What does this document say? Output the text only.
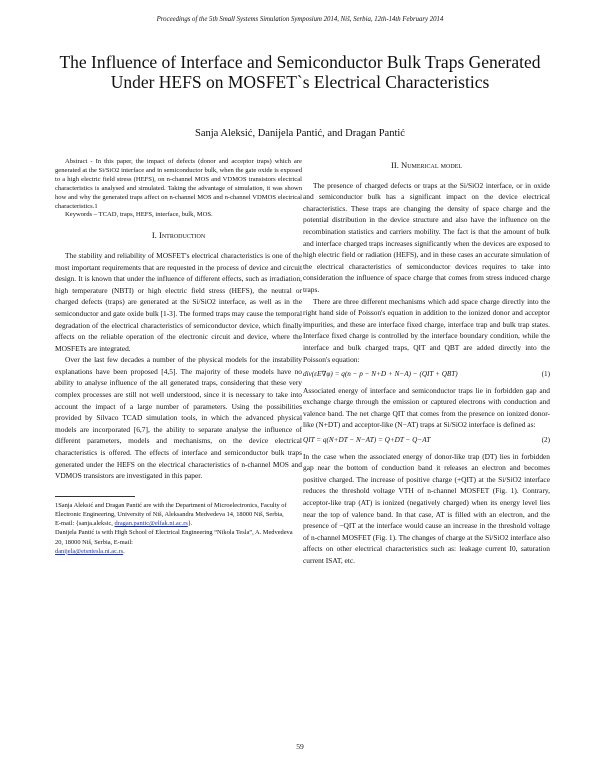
Proceedings of the 5th Small Systems Simulation Symposium 2014, Niš, Serbia, 12th-14th February 2014
The Influence of Interface and Semiconductor Bulk Traps Generated Under HEFS on MOSFET`s Electrical Characteristics
Sanja Aleksić, Danijela Pantić, and Dragan Pantić
Abstract - In this paper, the impact of defects (donor and acceptor traps) which are generated at the Si/SiO2 interface and in semiconductor bulk, when the gate oxide is exposed to a high electric field stress (HEFS), on n-channel MOS and VDMOS transistors electrical characteristics is analysed and simulated. Taking the advantage of simulation, it was shown how and why the generated traps affect on n-channel MOS and n-channel VDMOS electrical characteristics.1
Keywords – TCAD, traps, HEFS, interface, bulk, MOS.
I. Introduction
The stability and reliability of MOSFET's electrical characteristics is one of the most important requirements that are requested in the process of device and circuit design. It is known that under the influence of different effects, such as irradiation, high temperature (NBTI) or high electric field stress (HEFS), the neutral or charged defects (traps) are generated at the Si/SiO2 interface, as well as in the semiconductor and gate oxide bulk [1-3]. The formed traps may cause the temporal degradation of the electrical characteristics of semiconductor device, which finally affects on the reliable operation of the electronic circuit and device, where the MOSFETs are integrated.
Over the last few decades a number of the physical models for the instability explanations have been proposed [4,5]. The majority of these models have no ability to analyse influence of the all generated traps, considering that these very complex processes are still not well understood, since it is necessary to take into account the impact of a large number of parameters. Using the possibilities provided by Silvaco TCAD simulation tools, in which the advanced physical models are incorporated [6,7], the ability to separate analyse the influence of different parameters, models and mechanisms, on the device electrical characteristics is offered. The effects of interface and semiconductor bulk traps generated under the HEFS on the electrical characteristics of n-channel MOS and VDMOS transistors are investigated in this paper.
1Sanja Aleksić and Dragan Pantić are with the Department of Microelectronics, Faculty of Electronic Engineering, University of Niš, Aleksandra Medvedeva 14, 18000 Niš, Serbia,
E-mail: {sanja.aleksic, dragan.pantic@elfak.ni.ac.rs}.
Danijela Pantić is with High School of Electrical Engineering “Nikola Tesla”, A. Medvedeva 20, 18000 Niš, Serbia, E-mail:
danijela@etsntesla.ni.ac.rs.
II. Numerical model
The presence of charged defects or traps at the Si/SiO2 interface, or in oxide and semiconductor bulk has a significant impact on the device electrical characteristics. These traps are changing the density of space charge and the potential distribution in the device structure and also have the influence on the recombination statistics and carriers mobility. The fact is that the amount of bulk and interface charged traps increases significantly when the devices are exposed to high electric field or radiation (HEFS), and in these cases an accurate simulation of the electrical characteristics of semiconductor devices requires to take into consideration the influence of space charge that comes from stress induced charge traps.
There are three different mechanisms which add space charge directly into the right hand side of Poisson's equation in addition to the ionized donor and acceptor impurities, and these are interface fixed charge, interface trap and bulk trap states. Interface fixed charge is controlled by the interface boundary condition, while the interface and bulk charged traps, QIT and QBT are added directly into the Poisson's equation:
div(εE∇φ) = q(n − p − N+D + N−A) − (QIT + QBT)	(1)
Associated energy of interface and semiconductor traps lie in forbidden gap and exchange charge through the emission or captured electrons with conduction and valence band. The net charge QIT that comes from the presence on ionized donor-like (N+DT) and acceptor-like (N−AT) traps at Si/SiO2 interface is defined as:
QIT = q(N+DT − N−AT) = Q+DT − Q−AT	(2)
In the case when the associated energy of donor-like trap (DT) lies in forbidden gap near the bottom of conduction band it releases an electron and becomes positive charged. The increase of positive charge (+QIT) at the Si/SiO2 interface reduces the threshold voltage VTH of n-channel MOSFET (Fig. 1). Contrary, acceptor-like trap (AT) is ionized (negatively charged) when its energy level lies near the top of valence band. In that case, AT is filled with an electron, and the presence of −QIT at the interface would cause an increase in the threshold voltage of n-channel MOSFET (Fig. 1). The changes of charge at the Si/SiO2 interface also affects on other electrical characteristics such as: leakage current I0, saturation current ISAT, etc.
59
